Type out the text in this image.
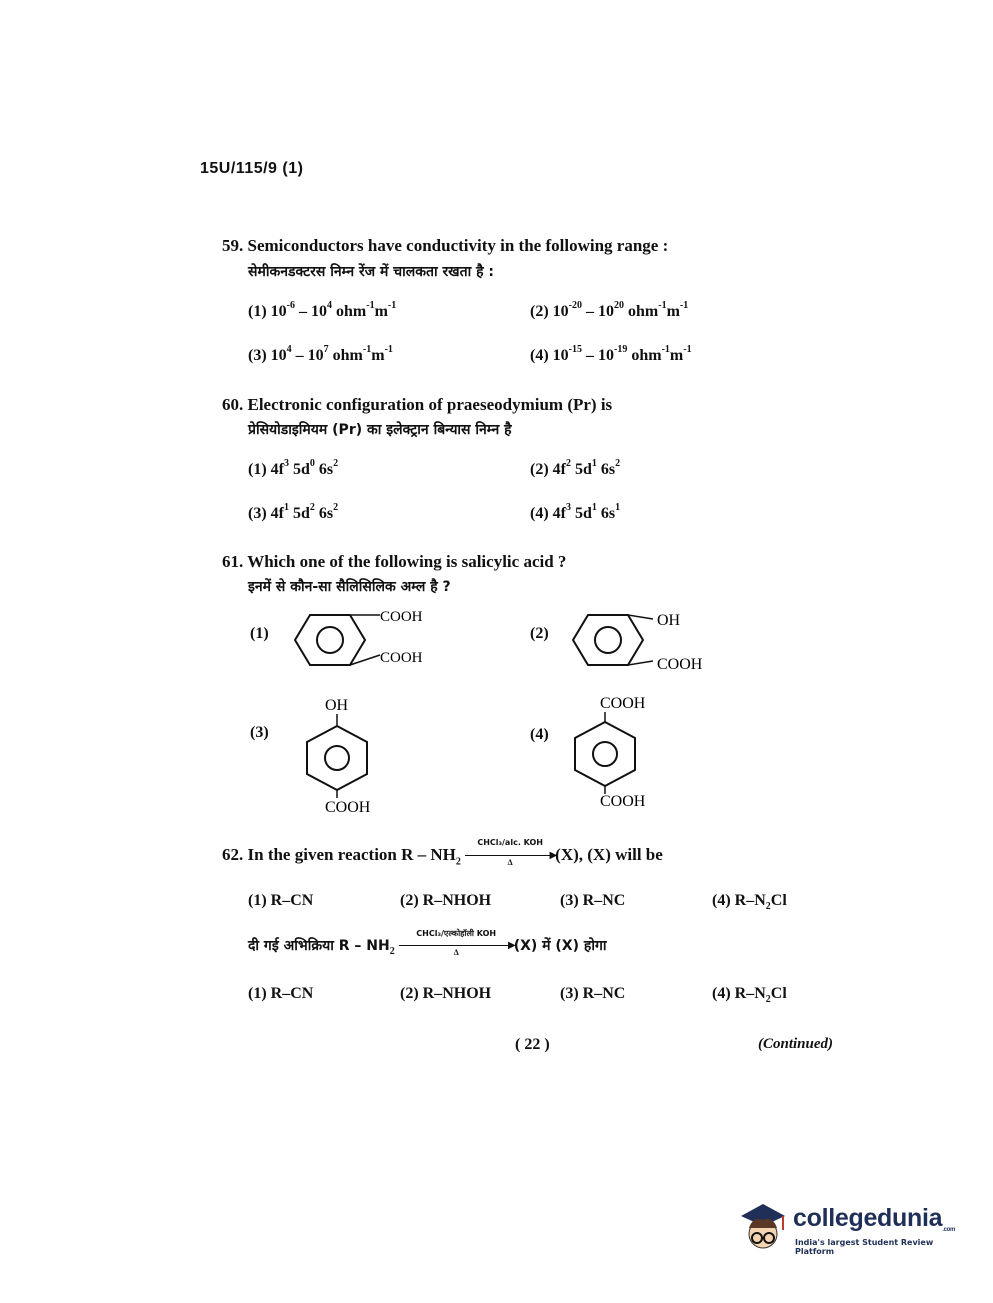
15U/115/9 (1)
59. Semiconductors have conductivity in the following range :
सेमीकनडक्टरस निम्न रेंज में चालकता रखता है :
(1) $10^{-6} - 10^4$ $ohm^{-1}m^{-1}$	(2) $10^{-20} - 10^{20}$ $ohm^{-1}m^{-1}$
(3) $10^4 - 10^7$ $ohm^{-1}m^{-1}$	(4) $10^{-15} - 10^{-19}$ $ohm^{-1}m^{-1}$
60. Electronic configuration of praeseodymium (Pr) is
प्रेसियोडाइमियम (Pr) का इलेक्ट्रान बिन्यास निम्न है
(1) $4f^3$ $5d^0$ $6s^2$	(2) $4f^2$ $5d^1$ $6s^2$
(3) $4f^1$ $5d^2$ $6s^2$	(4) $4f^3$ $5d^1$ $6s^1$
61. Which one of the following is salicylic acid ?
इनमें से कौन-सा सैलिसिलिक अम्ल है ?
(1)	(2)
(3)	(4)
COOH
COOH
OH
COOH
OH
COOH
COOH
COOH
62. In the given reaction R – $NH_2$
CHCl₃/alc. KOH
▶
Δ	(X), (X) will be
(1) R–CN	(2) R–NHOH	(3) R–NC	(4) $R-N_2Cl$
दी गई अभिक्रिया R – $NH_2$
CHCl₃/एल्कोहॉली KOH
▶
Δ	(X) में (X) होगा
(1) R–CN	(2) R–NHOH	(3) R–NC	(4) $R-N_2Cl$
( 22 )	(Continued)
collegedunia.com
India's largest Student Review Platform
